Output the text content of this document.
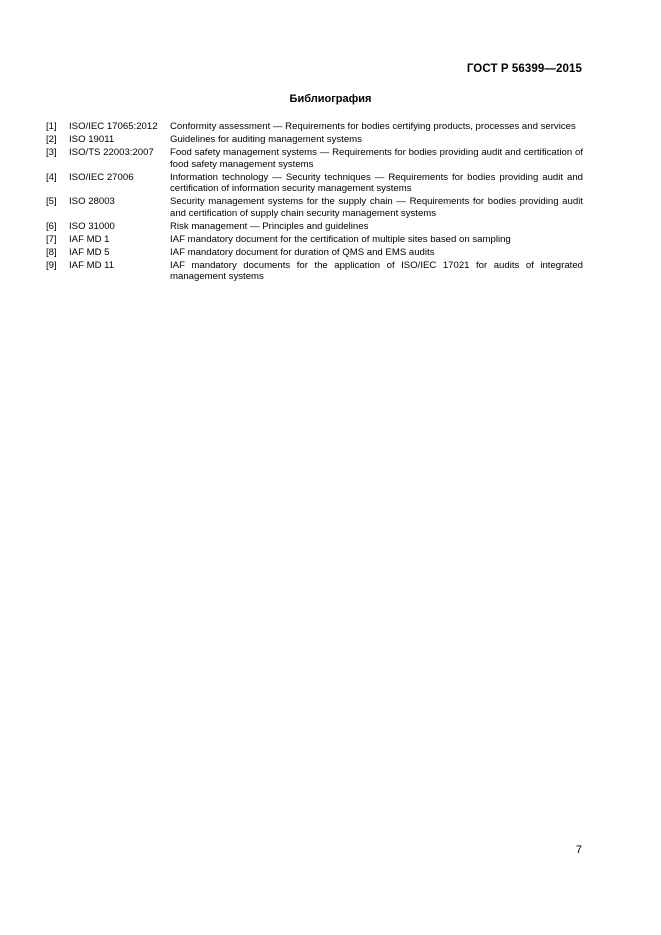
ГОСТ Р 56399—2015
Библиография
[1]	ISO/IEC 17065:2012	Conformity assessment — Requirements for bodies certifying products, processes and services
[2]	ISO 19011	Guidelines for auditing management systems
[3]	ISO/TS 22003:2007	Food safety management systems — Requirements for bodies providing audit and certification of food safety management systems
[4]	ISO/IEC 27006	Information technology — Security techniques — Requirements for bodies providing audit and certification of information security management systems
[5]	ISO 28003	Security management systems for the supply chain — Requirements for bodies providing audit and certification of supply chain security management systems
[6]	ISO 31000	Risk management — Principles and guidelines
[7]	IAF MD 1	IAF mandatory document for the certification of multiple sites based on sampling
[8]	IAF MD 5	IAF mandatory document for duration of QMS and EMS audits
[9]	IAF MD 11	IAF mandatory documents for the application of ISO/IEC 17021 for audits of integrated management systems
7
